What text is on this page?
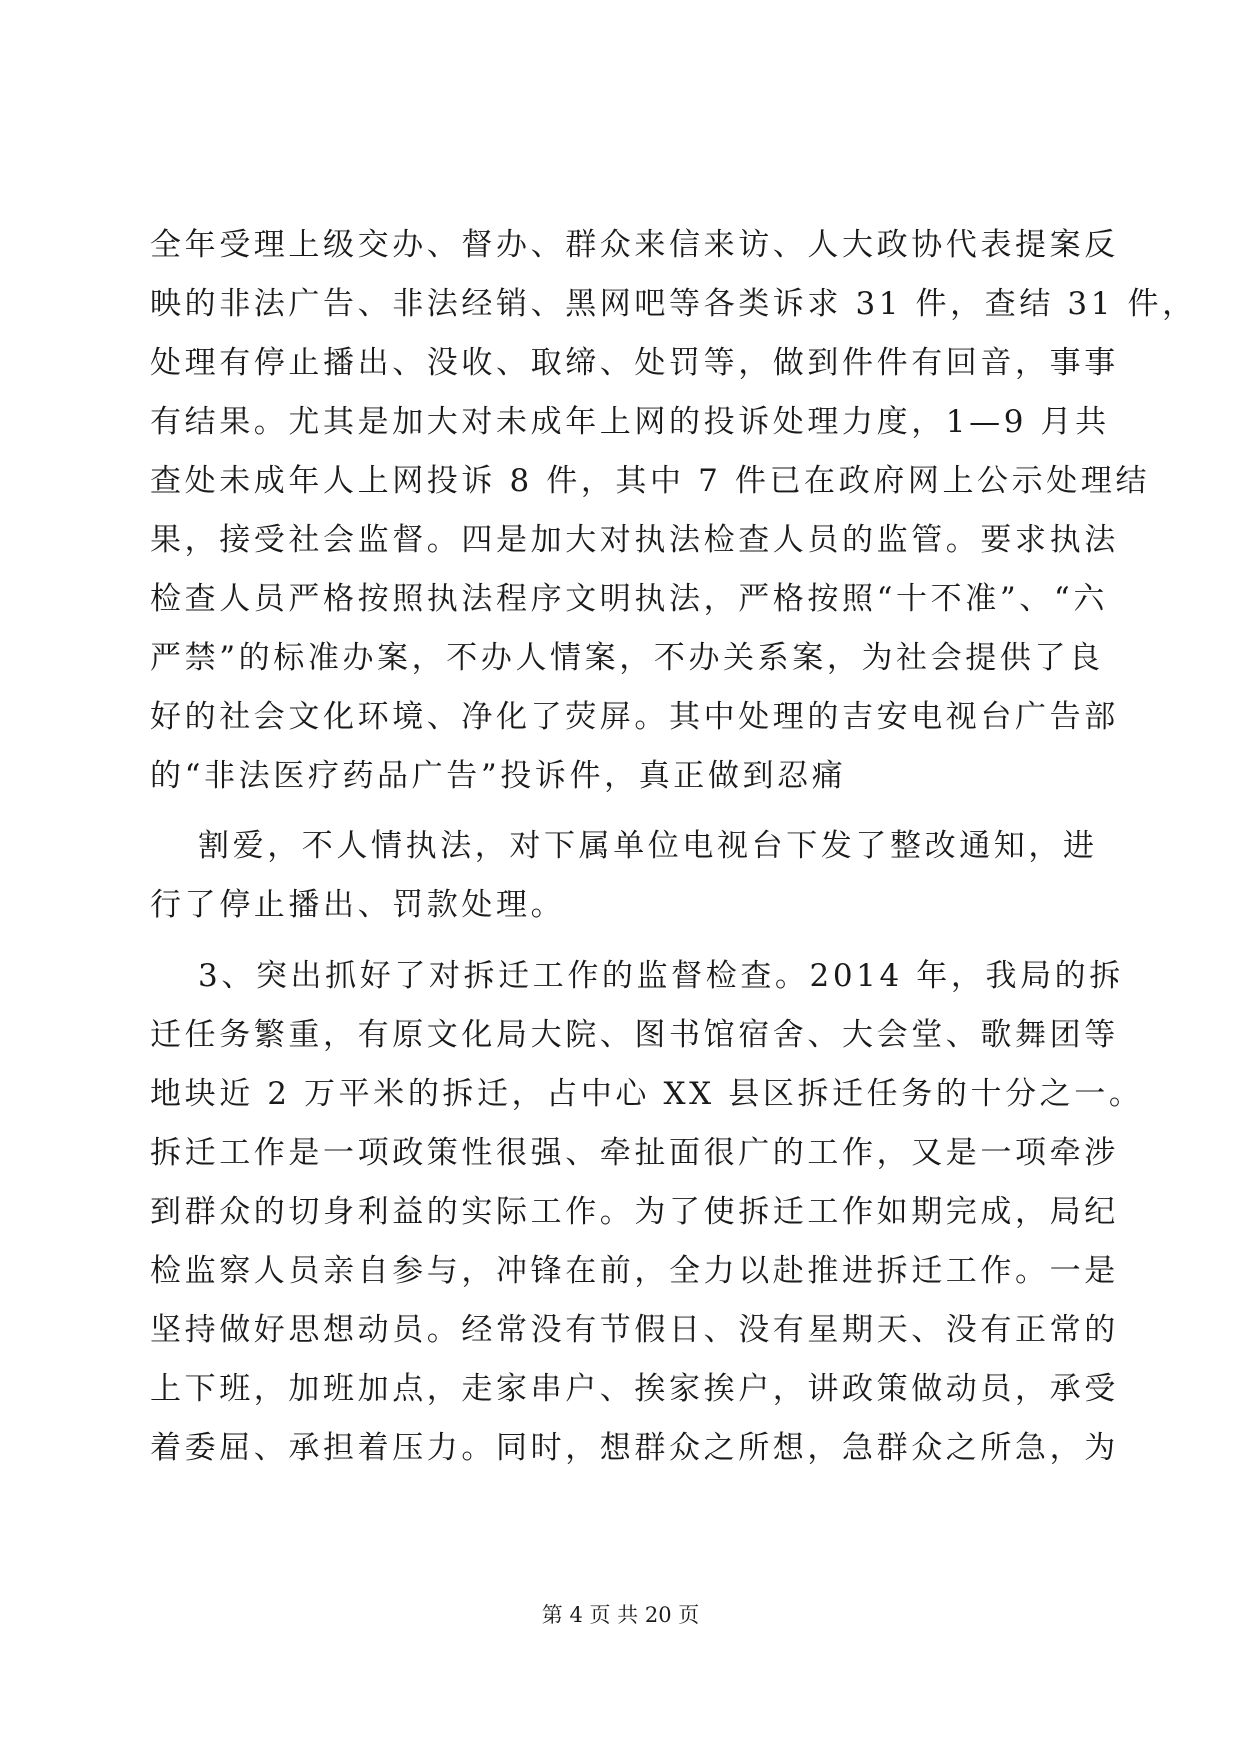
全年受理上级交办、督办、群众来信来访、人大政协代表提案反
映的非法广告、非法经销、黑网吧等各类诉求 31 件，查结 31 件，
处理有停止播出、没收、取缔、处罚等，做到件件有回音，事事
有结果。尤其是加大对未成年上网的投诉处理力度，1—9 月共
查处未成年人上网投诉 8 件，其中 7 件已在政府网上公示处理结
果，接受社会监督。四是加大对执法检查人员的监管。要求执法
检查人员严格按照执法程序文明执法，严格按照“十不准”、“六
严禁”的标准办案，不办人情案，不办关系案，为社会提供了良
好的社会文化环境、净化了荧屏。其中处理的吉安电视台广告部
的“非法医疗药品广告”投诉件，真正做到忍痛
割爱，不人情执法，对下属单位电视台下发了整改通知，进
行了停止播出、罚款处理。
3、突出抓好了对拆迁工作的监督检查。2014 年，我局的拆
迁任务繁重，有原文化局大院、图书馆宿舍、大会堂、歌舞团等
地块近 2 万平米的拆迁，占中心 XX 县区拆迁任务的十分之一。
拆迁工作是一项政策性很强、牵扯面很广的工作，又是一项牵涉
到群众的切身利益的实际工作。为了使拆迁工作如期完成，局纪
检监察人员亲自参与，冲锋在前，全力以赴推进拆迁工作。一是
坚持做好思想动员。经常没有节假日、没有星期天、没有正常的
上下班，加班加点，走家串户、挨家挨户，讲政策做动员，承受
着委屈、承担着压力。同时，想群众之所想，急群众之所急，为
第 4 页 共 20 页
